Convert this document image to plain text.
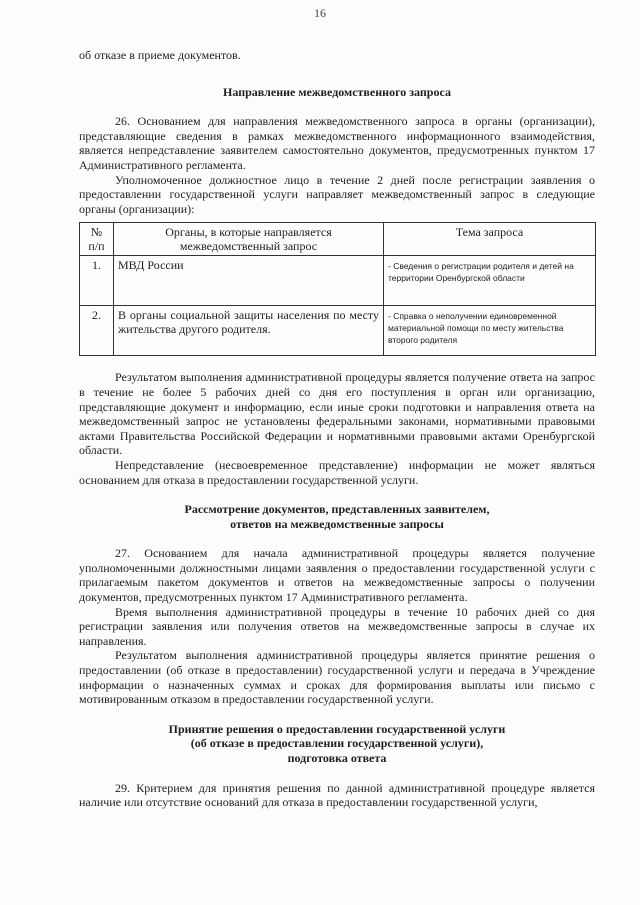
16

об отказе в приеме документов.

Направление межведомственного запроса

26. Основанием для направления межведомственного запроса в органы (организации), представляющие сведения в рамках межведомственного информационного взаимодействия, является непредставление заявителем самостоятельно документов, предусмотренных пунктом 17 Административного регламента.

Уполномоченное должностное лицо в течение 2 дней после регистрации заявления о предоставлении государственной услуги направляет межведомственный запрос в следующие органы (организации):

№ п/п	Органы, в которые направляется межведомственный запрос	Тема запроса
1.	МВД России	- Сведения о регистрации родителя и детей на территории Оренбургской области
2.	В органы социальной защиты населения по месту жительства другого родителя.	- Справка о неполучении единовременной материальной помощи по месту жительства второго родителя

Результатом выполнения административной процедуры является получение ответа на запрос в течение не более 5 рабочих дней со дня его поступления в орган или организацию, представляющие документ и информацию, если иные сроки подготовки и направления ответа на межведомственный запрос не установлены федеральными законами, нормативными правовыми актами Правительства Российской Федерации и нормативными правовыми актами Оренбургской области.

Непредставление (несвоевременное представление) информации не может являться основанием для отказа в предоставлении государственной услуги.

Рассмотрение документов, представленных заявителем,
ответов на межведомственные запросы

27. Основанием для начала административной процедуры является получение уполномоченными должностными лицами заявления о предоставлении государственной услуги с прилагаемым пакетом документов и ответов на межведомственные запросы о получении документов, предусмотренных пунктом 17 Административного регламента.

Время выполнения административной процедуры в течение 10 рабочих дней со дня регистрации заявления или получения ответов на межведомственные запросы в случае их направления.

Результатом выполнения административной процедуры является принятие решения о предоставлении (об отказе в предоставлении) государственной услуги и передача в Учреждение информации о назначенных суммах и сроках для формирования выплаты или письмо с мотивированным отказом в предоставлении государственной услуги.

Принятие решения о предоставлении государственной услуги
(об отказе в предоставлении государственной услуги),
подготовка ответа

29. Критерием для принятия решения по данной административной процедуре является наличие или отсутствие оснований для отказа в предоставлении государственной услуги,
